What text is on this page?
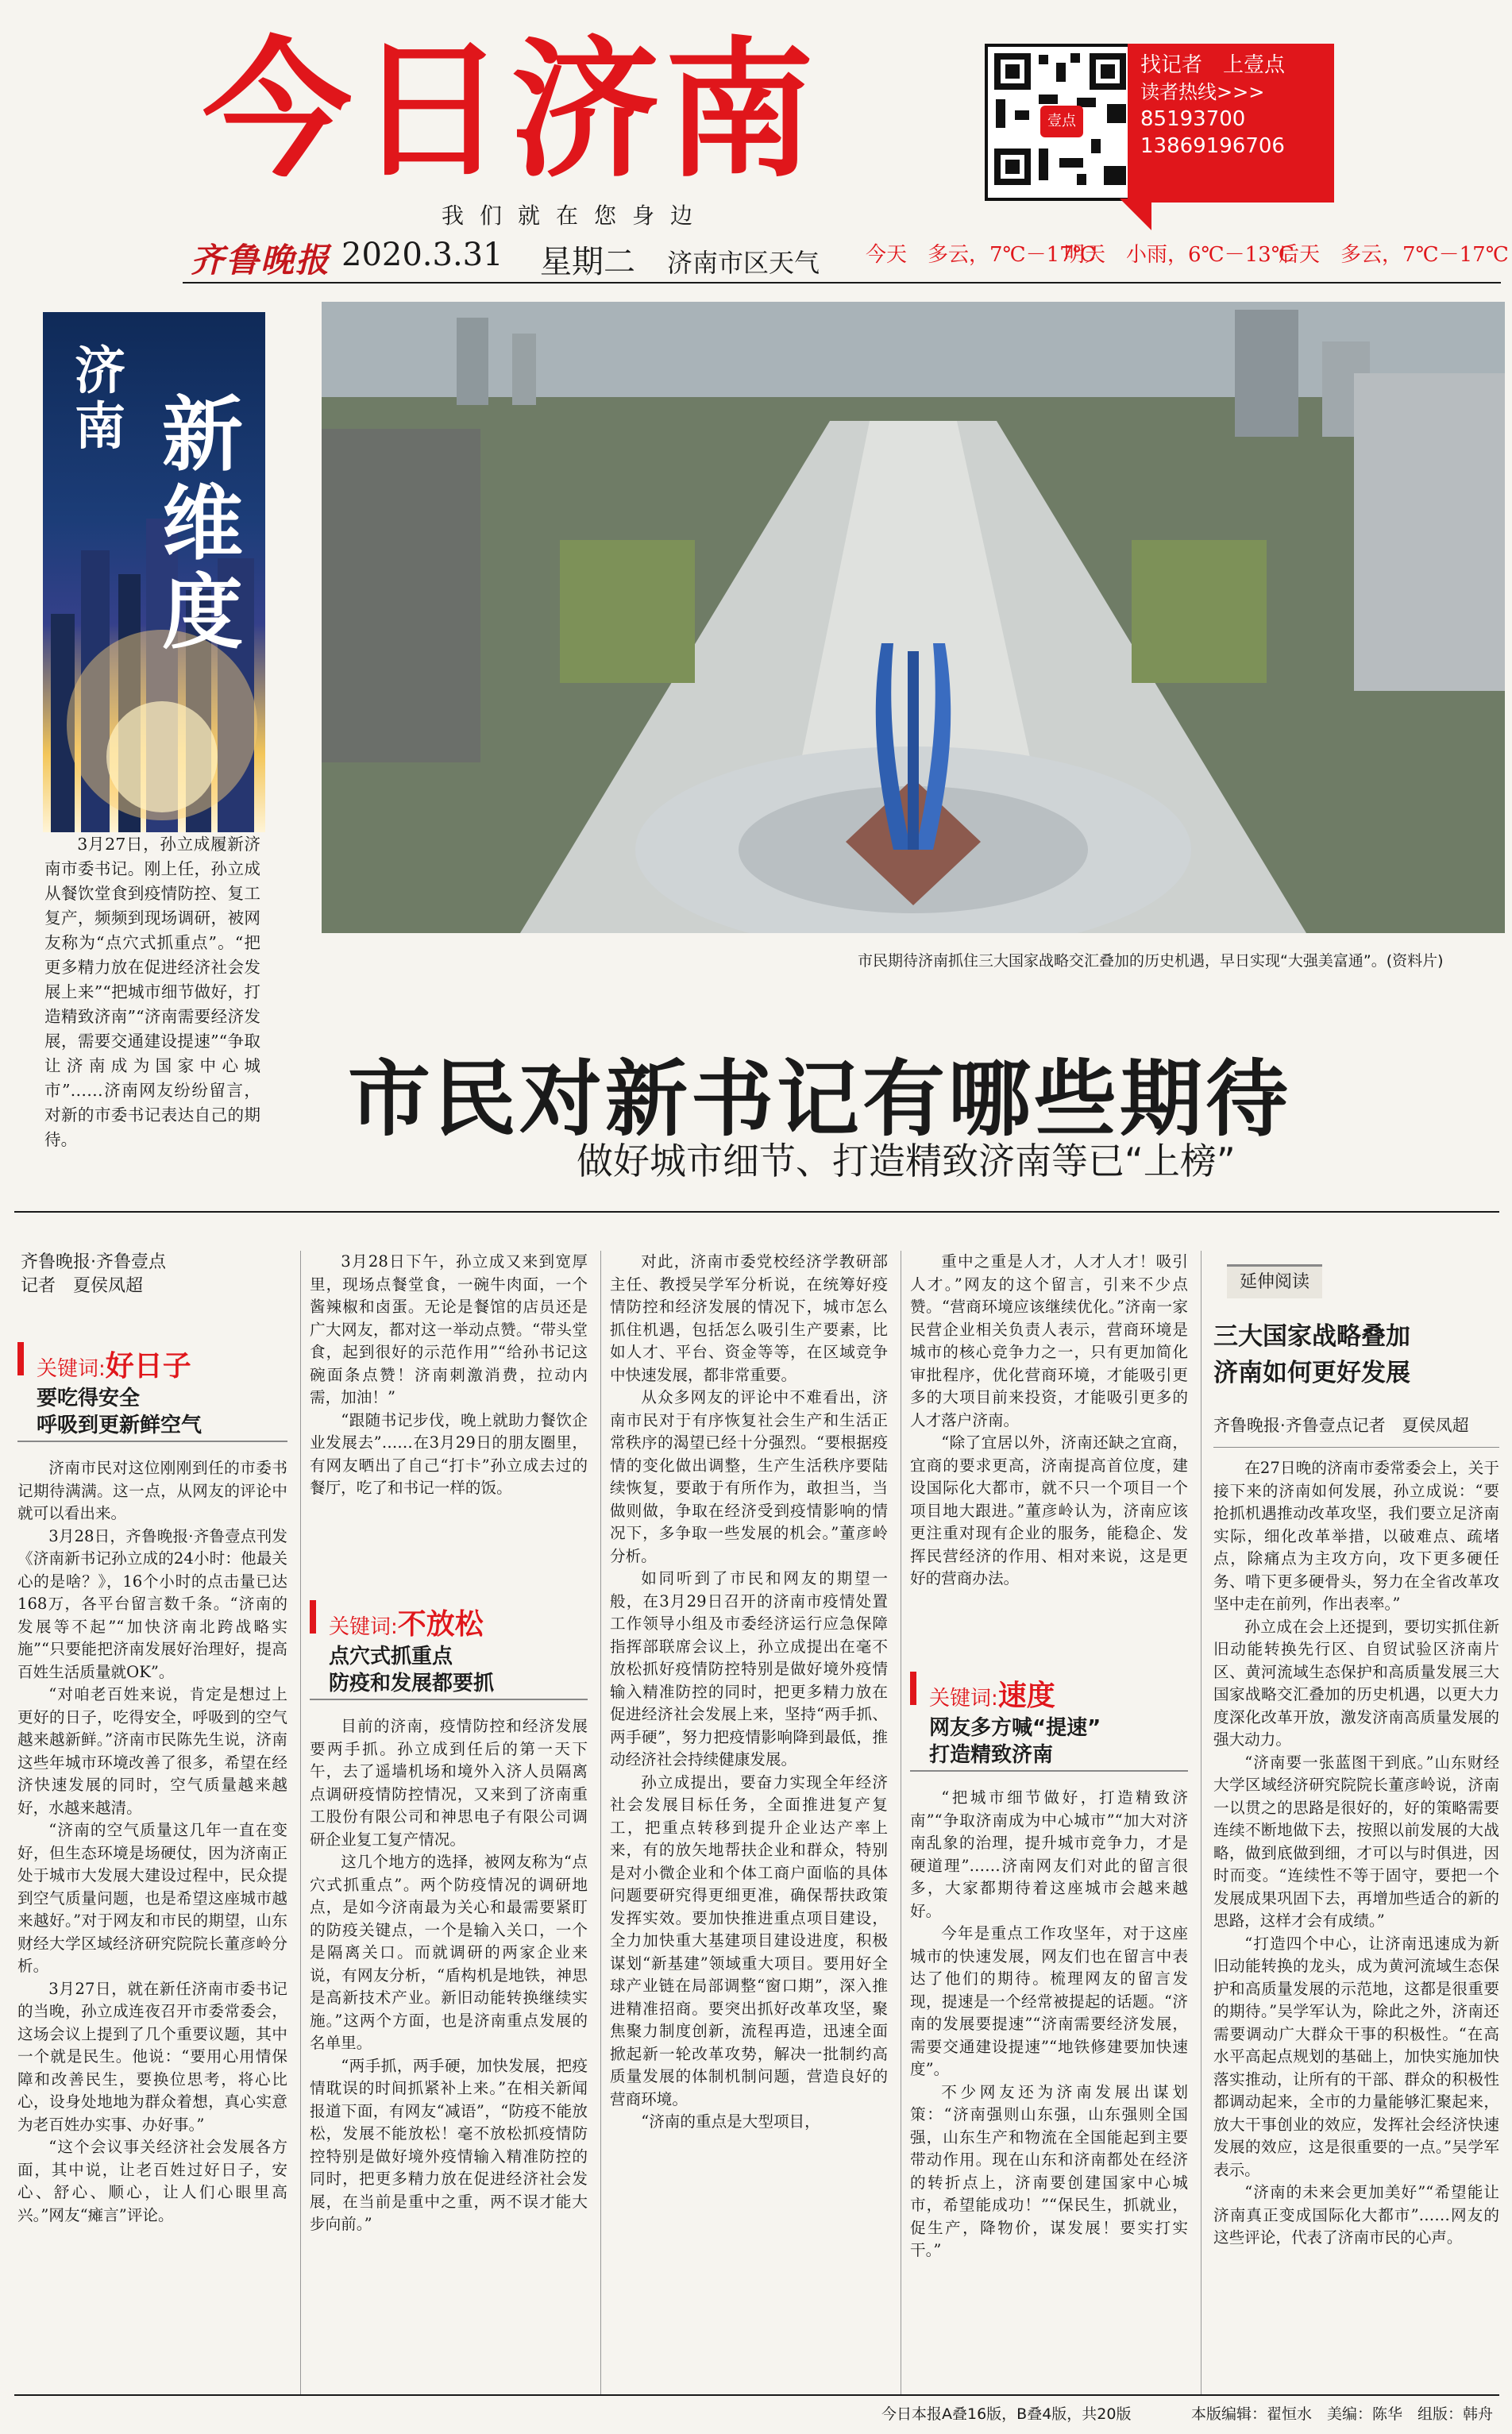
今日济南
我们就在您身边
壹点
找记者　上壹点
读者热线>>>
85193700
13869196706
齐鲁晚报 2020.3.31 星期二 济南市区天气 今天　多云，7℃－17℃
明天　小雨，6℃－13℃
后天　多云，7℃－17℃
济南 新维度
3月27日，孙立成履新济南市委书记。刚上任，孙立成从餐饮堂食到疫情防控、复工复产，频频到现场调研，被网友称为“点穴式抓重点”。“把更多精力放在促进经济社会发展上来”“把城市细节做好，打造精致济南”“济南需要经济发展，需要交通建设提速”“争取让济南成为国家中心城市”……济南网友纷纷留言，对新的市委书记表达自己的期待。
市民期待济南抓住三大国家战略交汇叠加的历史机遇，早日实现“大强美富通”。(资料片)
市民对新书记有哪些期待
做好城市细节、打造精致济南等已“上榜”
齐鲁晚报·齐鲁壹点
记者　夏侯凤超
关键词:好日子
要吃得安全
呼吸到更新鲜空气

济南市民对这位刚刚到任的市委书记期待满满。这一点，从网友的评论中就可以看出来。

3月28日，齐鲁晚报·齐鲁壹点刊发《济南新书记孙立成的24小时：他最关心的是啥？》，16个小时的点击量已达168万，各平台留言数千条。“济南的发展等不起”“加快济南北跨战略实施”“只要能把济南发展好治理好，提高百姓生活质量就OK”。

“对咱老百姓来说，肯定是想过上更好的日子，吃得安全，呼吸到的空气越来越新鲜。”济南市民陈先生说，济南这些年城市环境改善了很多，希望在经济快速发展的同时，空气质量越来越好，水越来越清。

“济南的空气质量这几年一直在变好，但生态环境是场硬仗，因为济南正处于城市大发展大建设过程中，民众提到空气质量问题，也是希望这座城市越来越好。”对于网友和市民的期望，山东财经大学区域经济研究院院长董彦岭分析。

3月27日，就在新任济南市委书记的当晚，孙立成连夜召开市委常委会，这场会议上提到了几个重要议题，其中一个就是民生。他说：“要用心用情保障和改善民生，要换位思考，将心比心，设身处地地为群众着想，真心实意为老百姓办实事、办好事。”

“这个会议事关经济社会发展各方面，其中说，让老百姓过好日子，安心、舒心、顺心，让人们心眼里高兴。”网友“瘫言”评论。

3月28日下午，孙立成又来到宽厚里，现场点餐堂食，一碗牛肉面，一个酱辣椒和卤蛋。无论是餐馆的店员还是广大网友，都对这一举动点赞。“带头堂食，起到很好的示范作用”“给孙书记这碗面条点赞！济南刺激消费，拉动内需，加油！”

“跟随书记步伐，晚上就助力餐饮企业发展去”……在3月29日的朋友圈里，有网友晒出了自己“打卡”孙立成去过的餐厅，吃了和书记一样的饭。

关键词:不放松
点穴式抓重点
防疫和发展都要抓

目前的济南，疫情防控和经济发展要两手抓。孙立成到任后的第一天下午，去了遥墙机场和境外入济人员隔离点调研疫情防控情况，又来到了济南重工股份有限公司和神思电子有限公司调研企业复工复产情况。

这几个地方的选择，被网友称为“点穴式抓重点”。两个防疫情况的调研地点，是如今济南最为关心和最需要紧盯的防疫关键点，一个是输入关口，一个是隔离关口。而就调研的两家企业来说，有网友分析，“盾构机是地铁，神思是高新技术产业。新旧动能转换继续实施。”这两个方面，也是济南重点发展的名单里。

“两手抓，两手硬，加快发展，把疫情耽误的时间抓紧补上来。”在相关新闻报道下面，有网友“减语”，“防疫不能放松，发展不能放松！毫不放松抓疫情防控特别是做好境外疫情输入精准防控的同时，把更多精力放在促进经济社会发展，在当前是重中之重，两不误才能大步向前。”

对此，济南市委党校经济学教研部主任、教授吴学军分析说，在统筹好疫情防控和经济发展的情况下，城市怎么抓住机遇，包括怎么吸引生产要素，比如人才、平台、资金等等，在区域竞争中快速发展，都非常重要。

从众多网友的评论中不难看出，济南市民对于有序恢复社会生产和生活正常秩序的渴望已经十分强烈。“要根据疫情的变化做出调整，生产生活秩序要陆续恢复，要敢于有所作为，敢担当，当做则做，争取在经济受到疫情影响的情况下，多争取一些发展的机会。”董彦岭分析。

如同听到了市民和网友的期望一般，在3月29日召开的济南市疫情处置工作领导小组及市委经济运行应急保障指挥部联席会议上，孙立成提出在毫不放松抓好疫情防控特别是做好境外疫情输入精准防控的同时，把更多精力放在促进经济社会发展上来，坚持“两手抓、两手硬”，努力把疫情影响降到最低，推动经济社会持续健康发展。

孙立成提出，要奋力实现全年经济社会发展目标任务，全面推进复产复工，把重点转移到提升企业达产率上来，有的放矢地帮扶企业和群众，特别是对小微企业和个体工商户面临的具体问题要研究得更细更准，确保帮扶政策发挥实效。要加快推进重点项目建设，全力加快重大基建项目建设进度，积极谋划“新基建”领域重大项目。要用好全球产业链在局部调整“窗口期”，深入推进精准招商。要突出抓好改革攻坚，聚焦聚力制度创新，流程再造，迅速全面掀起新一轮改革攻势，解决一批制约高质量发展的体制机制问题，营造良好的营商环境。

“济南的重点是大型项目，

重中之重是人才，人才人才！吸引人才。”网友的这个留言，引来不少点赞。“营商环境应该继续优化。”济南一家民营企业相关负责人表示，营商环境是城市的核心竞争力之一，只有更加简化审批程序，优化营商环境，才能吸引更多的大项目前来投资，才能吸引更多的人才落户济南。

“除了宜居以外，济南还缺之宜商，宜商的要求更高，济南提高首位度，建设国际化大都市，就不只一个项目一个项目地大跟进。”董彦岭认为，济南应该更注重对现有企业的服务，能稳企、发挥民营经济的作用、相对来说，这是更好的营商办法。

关键词:速度
网友多方喊“提速”
打造精致济南

“把城市细节做好，打造精致济南”“争取济南成为中心城市”“加大对济南乱象的治理，提升城市竞争力，才是硬道理”……济南网友们对此的留言很多，大家都期待着这座城市会越来越好。

今年是重点工作攻坚年，对于这座城市的快速发展，网友们也在留言中表达了他们的期待。梳理网友的留言发现，提速是一个经常被提起的话题。“济南的发展要提速”“济南需要经济发展，需要交通建设提速”“地铁修建要加快速度”。

不少网友还为济南发展出谋划策：“济南强则山东强，山东强则全国强，山东生产和物流在全国能起到主要带动作用。现在山东和济南都处在经济的转折点上，济南要创建国家中心城市，希望能成功！”“保民生，抓就业，促生产，降物价，谋发展！要实打实干。”

延伸阅读
三大国家战略叠加
济南如何更好发展
齐鲁晚报·齐鲁壹点记者　夏侯凤超

在27日晚的济南市委常委会上，关于接下来的济南如何发展，孙立成说：“要抢抓机遇推动改革攻坚，我们要立足济南实际，细化改革举措，以破难点、疏堵点，除痛点为主攻方向，攻下更多硬任务、啃下更多硬骨头，努力在全省改革攻坚中走在前列，作出表率。”

孙立成在会上还提到，要切实抓住新旧动能转换先行区、自贸试验区济南片区、黄河流域生态保护和高质量发展三大国家战略交汇叠加的历史机遇，以更大力度深化改革开放，激发济南高质量发展的强大动力。

“济南要一张蓝图干到底。”山东财经大学区域经济研究院院长董彦岭说，济南一以贯之的思路是很好的，好的策略需要连续不断地做下去，按照以前发展的大战略，做到底做到细，才可以与时俱进，因时而变。“连续性不等于固守，要把一个发展成果巩固下去，再增加些适合的新的思路，这样才会有成绩。”

“打造四个中心，让济南迅速成为新旧动能转换的龙头，成为黄河流域生态保护和高质量发展的示范地，这都是很重要的期待。”吴学军认为，除此之外，济南还需要调动广大群众干事的积极性。“在高水平高起点规划的基础上，加快实施加快落实推动，让所有的干部、群众的积极性都调动起来，全市的力量能够汇聚起来，放大干事创业的效应，发挥社会经济快速发展的效应，这是很重要的一点。”吴学军表示。

“济南的未来会更加美好”“希望能让济南真正变成国际化大都市”……网友的这些评论，代表了济南市民的心声。

今日本报A叠16版，B叠4版，共20版	本版编辑：翟恒水　美编：陈华　组版：韩舟
